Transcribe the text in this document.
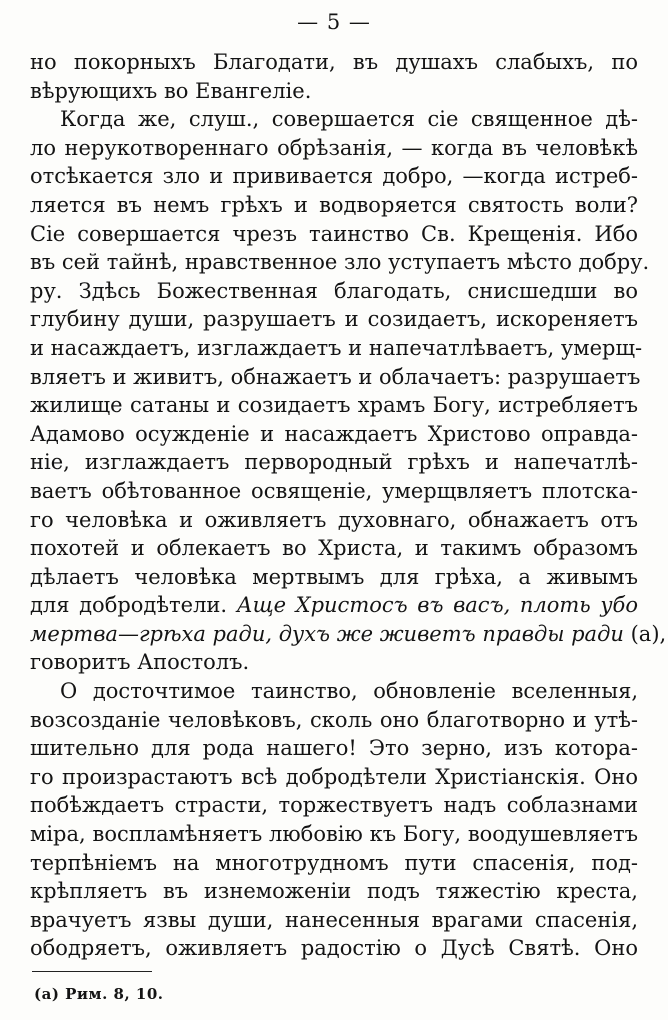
— 5 —
но покорныхъ Благодати, въ душахъ слабыхъ, по
вѣрующихъ во Евангеліе.
Когда же, слуш., совершается сіе священное дѣ-
ло нерукотвореннаго обрѣзанія, — когда въ человѣкѣ
отсѣкается зло и прививается добро, —когда истреб-
ляется въ немъ грѣхъ и водворяется святость воли?
Сіе совершается чрезъ таинство Св. Крещенія. Ибо
въ сей тайнѣ, нравственное зло уступаетъ мѣсто добру.
ру. Здѣсь Божественная благодать, снисшедши во
глубину души, разрушаетъ и созидаетъ, искореняетъ
и насаждаетъ, изглаждаетъ и напечатлѣваетъ, умерщ-
вляетъ и живитъ, обнажаетъ и облачаетъ: разрушаетъ
жилище сатаны и созидаетъ храмъ Богу, истребляетъ
Адамово осужденіе и насаждаетъ Христово оправда-
ніе, изглаждаетъ первородный грѣхъ и напечатлѣ-
ваетъ обѣтованное освященіе, умерщвляетъ плотска-
го человѣка и оживляетъ духовнаго, обнажаетъ отъ
похотей и облекаетъ во Христа, и такимъ образомъ
дѣлаетъ человѣка мертвымъ для грѣха, а живымъ
для добродѣтели. Аще Христосъ въ васъ, плоть убо
мертва—грѣха ради, духъ же живетъ правды ради (а),
говоритъ Апостолъ.
О досточтимое таинство, обновленіе вселенныя,
возсозданіе человѣковъ, сколь оно благотворно и утѣ-
шительно для рода нашего! Это зерно, изъ котора-
го произрастаютъ всѣ добродѣтели Христіанскія. Оно
побѣждаетъ страсти, торжествуетъ надъ соблазнами
міра, воспламѣняетъ любовію къ Богу, воодушевляетъ
терпѣніемъ на многотрудномъ пути спасенія, под-
крѣпляетъ въ изнеможеніи подъ тяжестію креста,
врачуетъ язвы души, нанесенныя врагами спасенія,
ободряетъ, оживляетъ радостію о Дусѣ Святѣ. Оно
(а) Рим. 8, 10.
